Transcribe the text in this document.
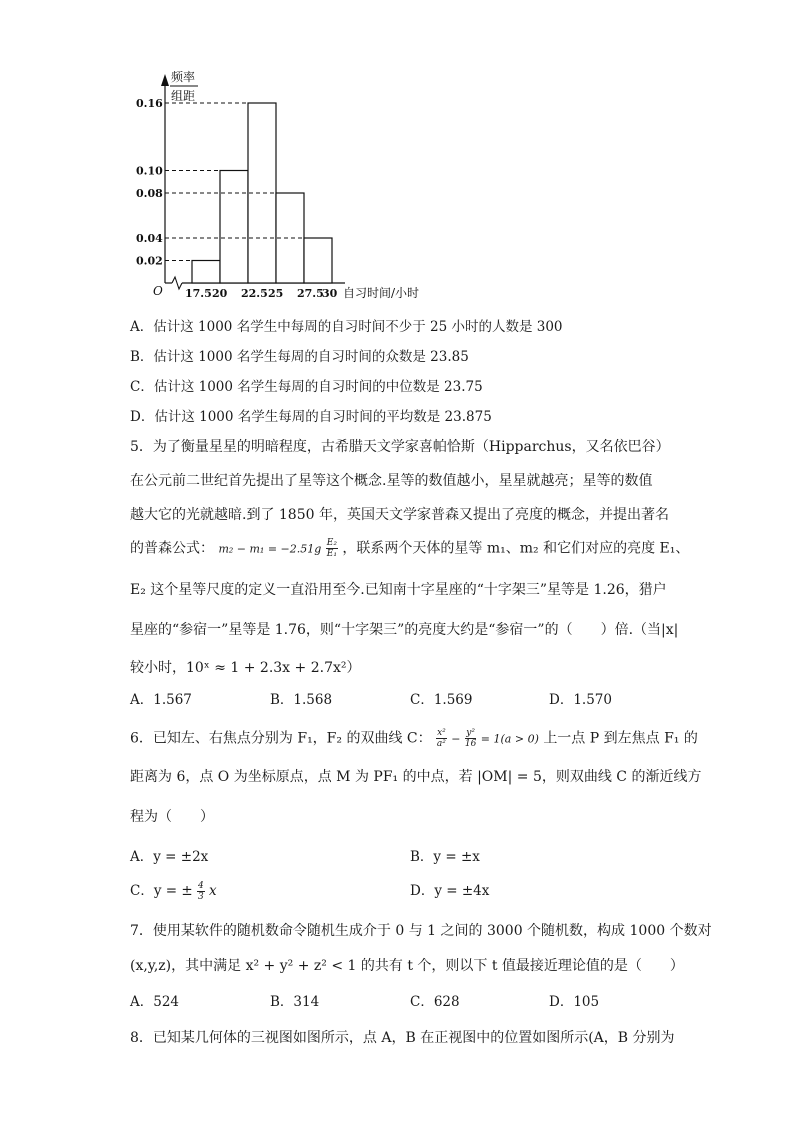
0.02
0.04
0.08
0.10
0.16
17.5 20 22.5 25 27.5
30 自习时间/小时
O
频率
组距
A．估计这 1000 名学生中每周的自习时间不少于 25 小时的人数是 300
B．估计这 1000 名学生每周的自习时间的众数是 23.85
C．估计这 1000 名学生每周的自习时间的中位数是 23.75
D．估计这 1000 名学生每周的自习时间的平均数是 23.875
5．为了衡量星星的明暗程度，古希腊天文学家喜帕恰斯（Hipparchus，又名依巴谷）
在公元前二世纪首先提出了星等这个概念.星等的数值越小，星星就越亮；星等的数值
越大它的光就越暗.到了 1850 年，英国天文学家普森又提出了亮度的概念，并提出著名
的普森公式： $m_2 - m_1 = -2.51g \frac{\text{E₂}}{\text{E₁}}$ ，联系两个天体的星等 m₁、m₂ 和它们对应的亮度 E₁、
E₂ 这个星等尺度的定义一直沿用至今.已知南十字星座的“十字架三”星等是 1.26，猎户
星座的“参宿一”星等是 1.76，则“十字架三”的亮度大约是“参宿一”的（　　）倍.（当|x|
较小时，10ˣ ≈ 1 + 2.3x + 2.7x²）
A．1.567	B．1.568	C．1.569	D．1.570
6．已知左、右焦点分别为 F₁，F₂ 的双曲线 C： $\frac{\text{x²}}{\text{a²}} - \frac{\text{y²}}{16} = 1(a > 0)$ 上一点 P 到左焦点 F₁ 的
距离为 6，点 O 为坐标原点，点 M 为 PF₁ 的中点，若 |OM| = 5，则双曲线 C 的渐近线方
程为（　　）
A．y = ±2x	B．y = ±x
C．y = ± $\frac{4}{3}$ x	D．y = ±4x
7．使用某软件的随机数命令随机生成介于 0 与 1 之间的 3000 个随机数，构成 1000 个数对
(x,y,z)，其中满足 x² + y² + z² < 1 的共有 t 个，则以下 t 值最接近理论值的是（　　）
A．524	B．314	C．628	D．105
8．已知某几何体的三视图如图所示，点 A，B 在正视图中的位置如图所示(A，B 分别为
